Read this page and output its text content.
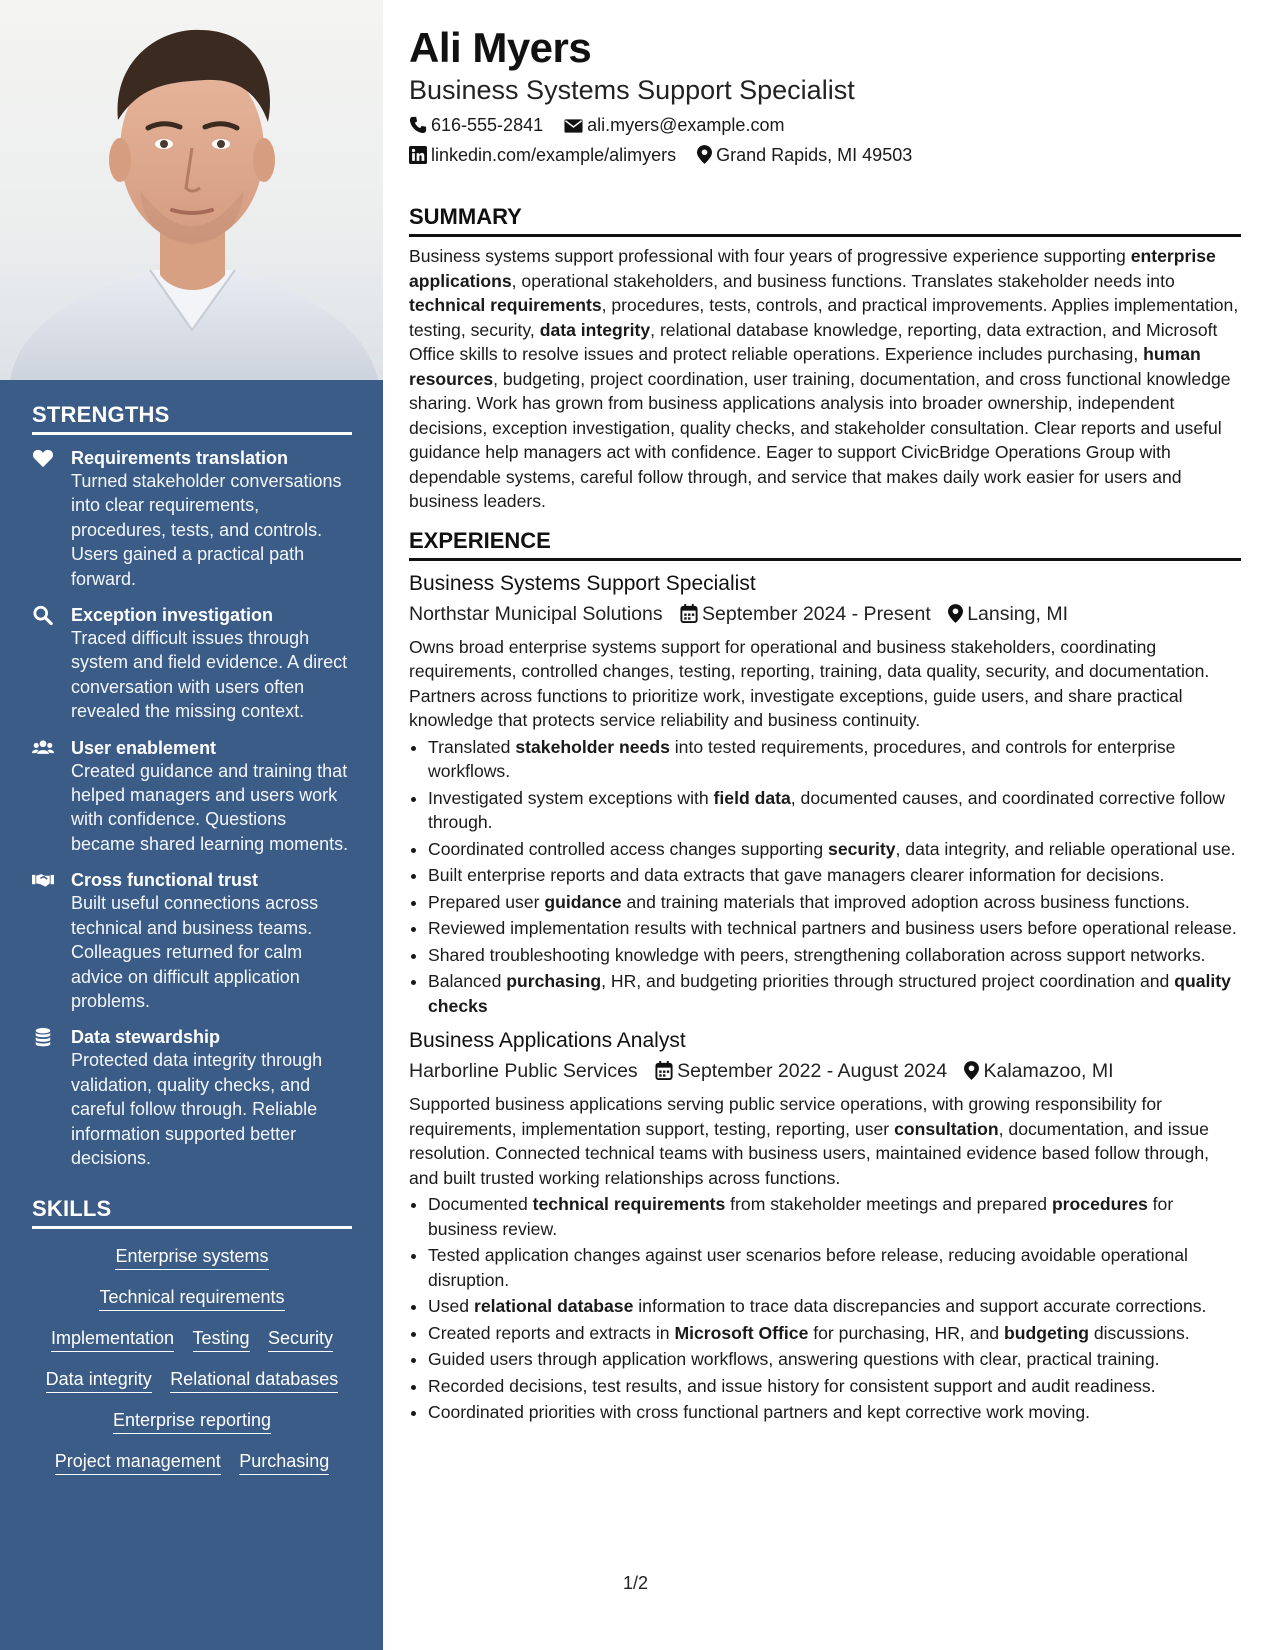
STRENGTHS
Requirements translation
Turned stakeholder conversations into clear requirements, procedures, tests, and controls. Users gained a practical path forward.
Exception investigation
Traced difficult issues through system and field evidence. A direct conversation with users often revealed the missing context.
User enablement
Created guidance and training that helped managers and users work with confidence. Questions became shared learning moments.
Cross functional trust
Built useful connections across technical and business teams. Colleagues returned for calm advice on difficult application problems.
Data stewardship
Protected data integrity through validation, quality checks, and careful follow through. Reliable information supported better decisions.
SKILLS
Enterprise systems
Technical requirements
Implementation Testing Security
Data integrity Relational databases
Enterprise reporting
Project management Purchasing
Ali Myers
Business Systems Support Specialist
616-555-2841 ali.myers@example.com
linkedin.com/example/alimyers Grand Rapids, MI 49503
SUMMARY

Business systems support professional with four years of progressive experience supporting enterprise applications, operational stakeholders, and business functions. Translates stakeholder needs into technical requirements, procedures, tests, controls, and practical improvements. Applies implementation, testing, security, data integrity, relational database knowledge, reporting, data extraction, and Microsoft Office skills to resolve issues and protect reliable operations. Experience includes purchasing, human resources, budgeting, project coordination, user training, documentation, and cross functional knowledge sharing. Work has grown from business applications analysis into broader ownership, independent decisions, exception investigation, quality checks, and stakeholder consultation. Clear reports and useful guidance help managers act with confidence. Eager to support CivicBridge Operations Group with dependable systems, careful follow through, and service that makes daily work easier for users and business leaders.

EXPERIENCE
Business Systems Support Specialist
Northstar Municipal Solutions September 2024 - Present Lansing, MI
Owns broad enterprise systems support for operational and business stakeholders, coordinating requirements, controlled changes, testing, reporting, training, data quality, security, and documentation. Partners across functions to prioritize work, investigate exceptions, guide users, and share practical knowledge that protects service reliability and business continuity.
• Translated stakeholder needs into tested requirements, procedures, and controls for enterprise workflows.
• Investigated system exceptions with field data, documented causes, and coordinated corrective follow through.
• Coordinated controlled access changes supporting security, data integrity, and reliable operational use.
• Built enterprise reports and data extracts that gave managers clearer information for decisions.
• Prepared user guidance and training materials that improved adoption across business functions.
• Reviewed implementation results with technical partners and business users before operational release.
• Shared troubleshooting knowledge with peers, strengthening collaboration across support networks.
• Balanced purchasing, HR, and budgeting priorities through structured project coordination and quality checks
Business Applications Analyst
Harborline Public Services September 2022 - August 2024 Kalamazoo, MI
Supported business applications serving public service operations, with growing responsibility for requirements, implementation support, testing, reporting, user consultation, documentation, and issue resolution. Connected technical teams with business users, maintained evidence based follow through, and built trusted working relationships across functions.
• Documented technical requirements from stakeholder meetings and prepared procedures for business review.
• Tested application changes against user scenarios before release, reducing avoidable operational disruption.
• Used relational database information to trace data discrepancies and support accurate corrections.
• Created reports and extracts in Microsoft Office for purchasing, HR, and budgeting discussions.
• Guided users through application workflows, answering questions with clear, practical training.
• Recorded decisions, test results, and issue history for consistent support and audit readiness.
• Coordinated priorities with cross functional partners and kept corrective work moving.
1/2
